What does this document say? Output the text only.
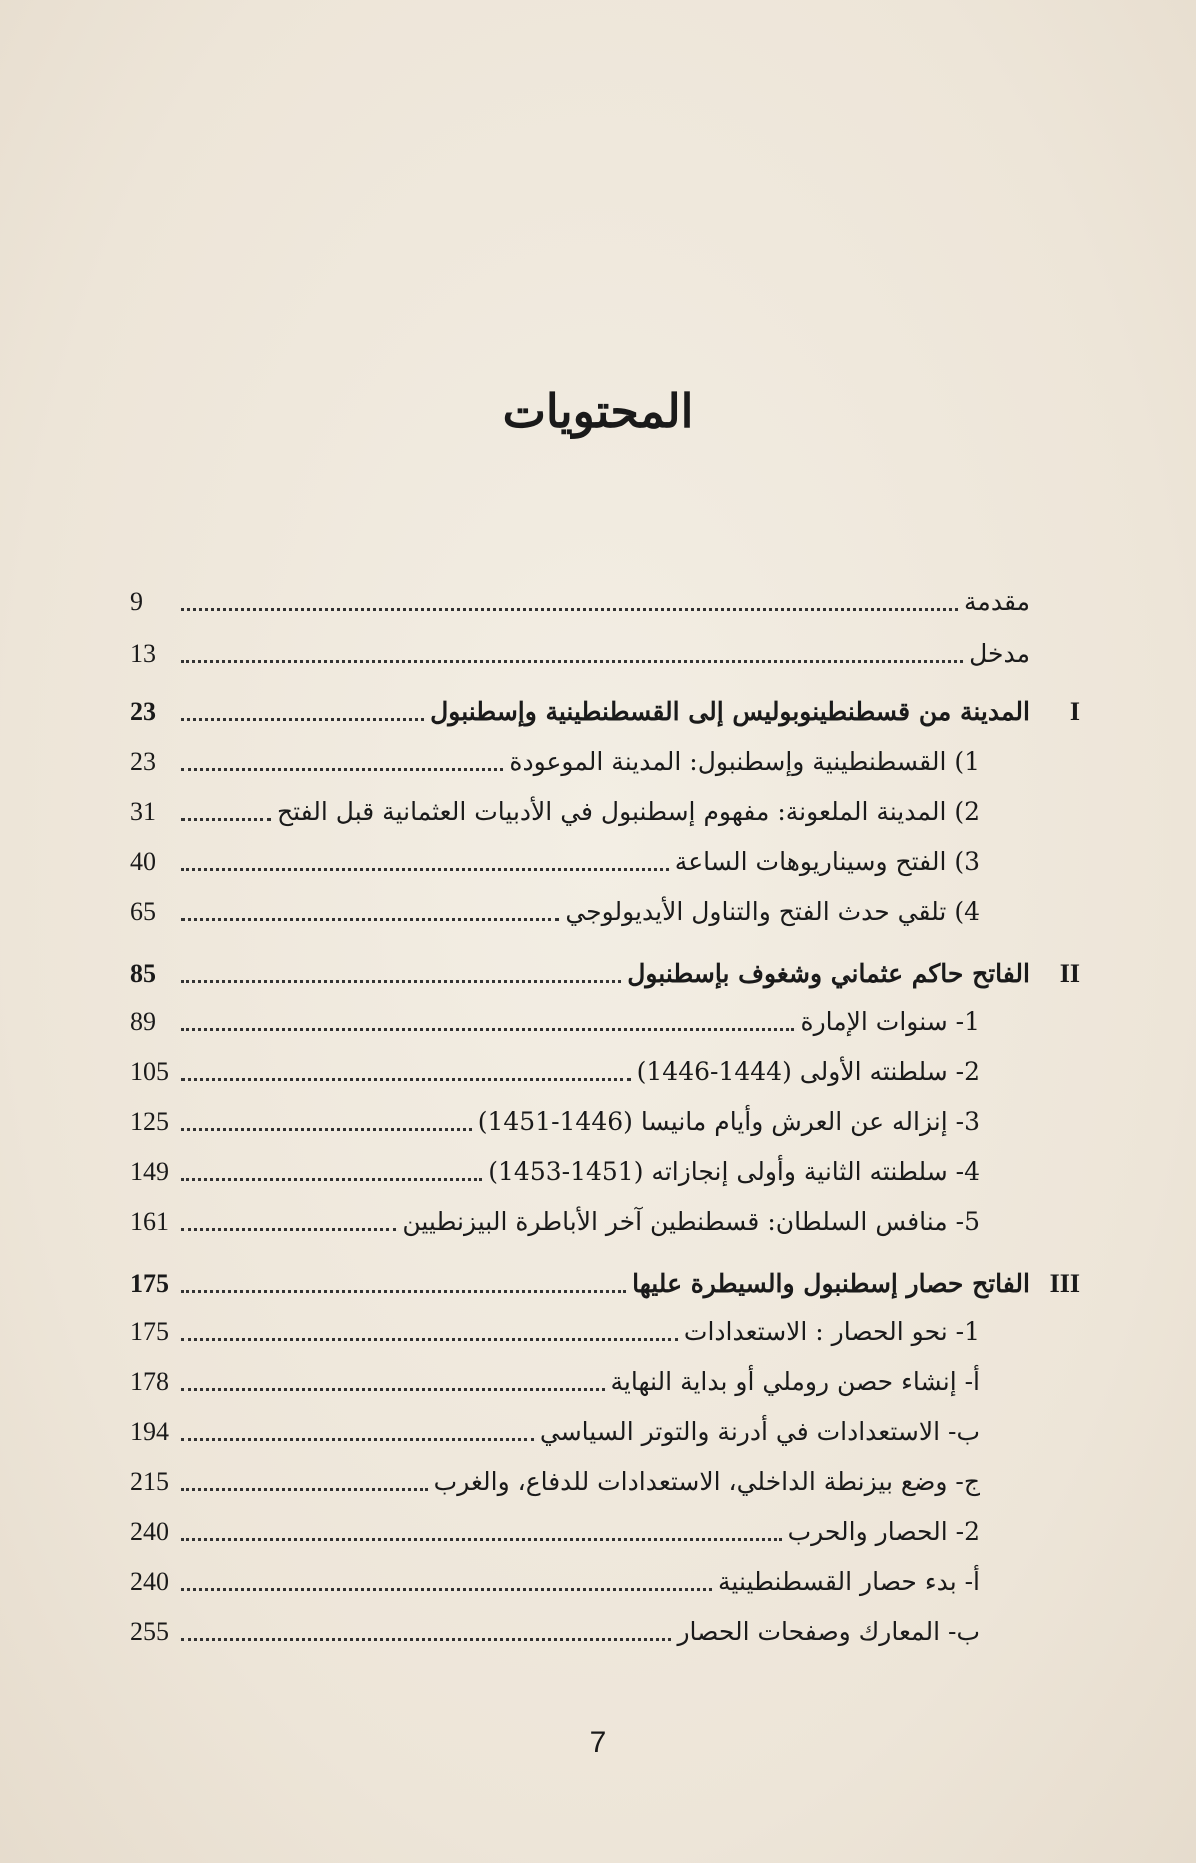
المحتويات
مقدمة
9
مدخل
13
I
المدينة من قسطنطينوبوليس إلى القسطنطينية وإسطنبول
23
1) القسطنطينية وإسطنبول: المدينة الموعودة
23
2) المدينة الملعونة: مفهوم إسطنبول في الأدبيات العثمانية قبل الفتح
31
3) الفتح وسيناريوهات الساعة
40
4) تلقي حدث الفتح والتناول الأيديولوجي
65
II
الفاتح حاكم عثماني وشغوف بإسطنبول
85
1- سنوات الإمارة
89
2- سلطنته الأولى (1444-1446)
105
3- إنزاله عن العرش وأيام مانيسا (1446-1451)
125
4- سلطنته الثانية وأولى إنجازاته (1451-1453)
149
5- منافس السلطان: قسطنطين آخر الأباطرة البيزنطيين
161
III
الفاتح حصار إسطنبول والسيطرة عليها
175
1- نحو الحصار : الاستعدادات
175
أ- إنشاء حصن روملي أو بداية النهاية
178
ب- الاستعدادات في أدرنة والتوتر السياسي
194
ج- وضع بيزنطة الداخلي، الاستعدادات للدفاع، والغرب
215
2- الحصار والحرب
240
أ- بدء حصار القسطنطينية
240
ب- المعارك وصفحات الحصار
255
7
